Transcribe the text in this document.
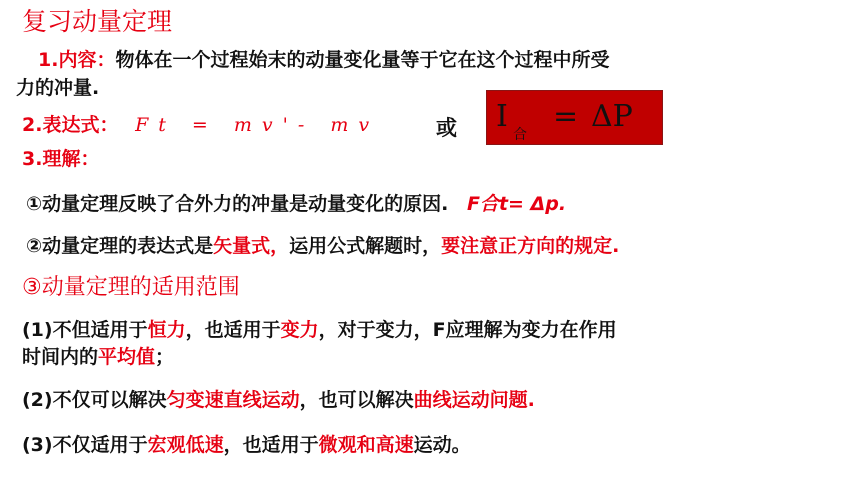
复习动量定理
1.内容：物体在一个过程始末的动量变化量等于它在这个过程中所受
力的冲量.
2.表达式： Ft = mv'- mv	或 I
合
= ΔP
3.理解：
①动量定理反映了合外力的冲量是动量变化的原因. F合t= Δp.
②动量定理的表达式是矢量式，运用公式解题时，要注意正方向的规定.
③动量定理的适用范围
(1)不但适用于恒力，也适用于变力，对于变力，F应理解为变力在作用
时间内的平均值；
(2)不仅可以解决匀变速直线运动，也可以解决曲线运动问题.
(3)不仅适用于宏观低速，也适用于微观和高速运动。
